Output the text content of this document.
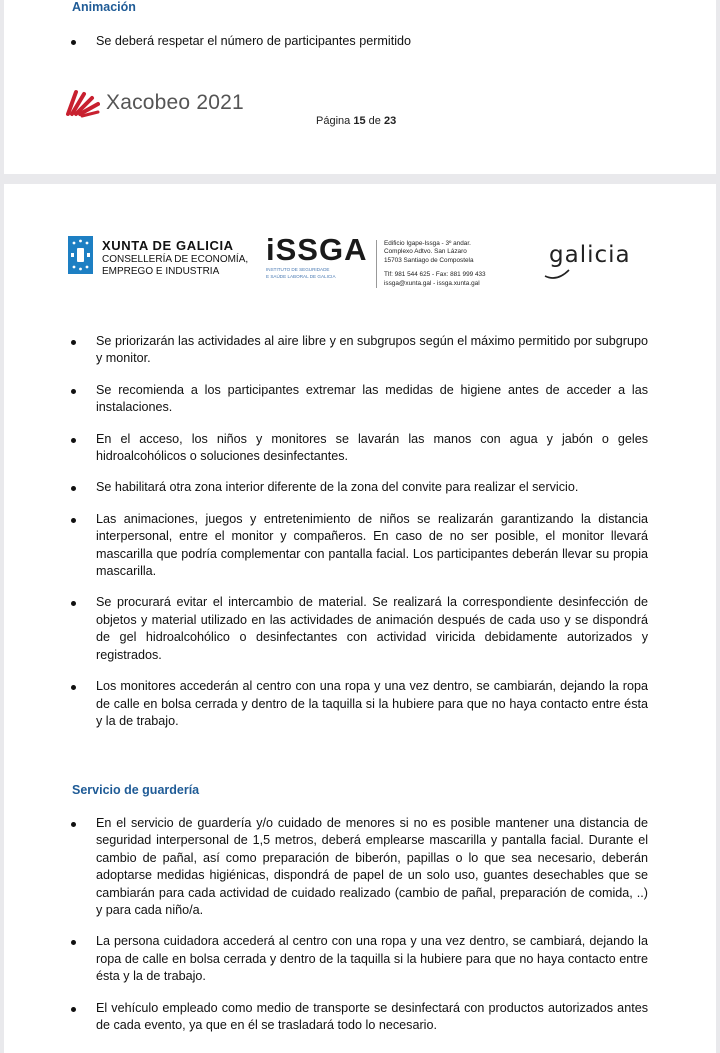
Animación
Se deberá respetar el número de participantes permitido
Xacobeo 2021
Página 15 de 23
XUNTA DE GALICIA
CONSELLERÍA DE ECONOMÍA,
EMPREGO E INDUSTRIA
iSSGA
INSTITUTO DE SEGURIDADE
E SAÚDE LABORAL DE GALICIA
Edificio Igape-Issga - 3º andar.
Complexo Adtvo. San Lázaro
15703 Santiago de Compostela
Tlf: 981 544 625 - Fax: 881 999 433
issga@xunta.gal - issga.xunta.gal
galicia
Se priorizarán las actividades al aire libre y en subgrupos según el máximo permitido por subgrupo y monitor.
Se recomienda a los participantes extremar las medidas de higiene antes de acceder a las instalaciones.
En el acceso, los niños y monitores se lavarán las manos con agua y jabón o geles hidroalcohólicos o soluciones desinfectantes.
Se habilitará otra zona interior diferente de la zona del convite para realizar el servicio.
Las animaciones, juegos y entretenimiento de niños se realizarán garantizando la distancia interpersonal, entre el monitor y compañeros. En caso de no ser posible, el monitor llevará mascarilla que podría complementar con pantalla facial. Los participantes deberán llevar su propia mascarilla.
Se procurará evitar el intercambio de material. Se realizará la correspondiente desinfección de objetos y material utilizado en las actividades de animación después de cada uso y se dispondrá de gel hidroalcohólico o desinfectantes con actividad viricida debidamente autorizados y registrados.
Los monitores accederán al centro con una ropa y una vez dentro, se cambiarán, dejando la ropa de calle en bolsa cerrada y dentro de la taquilla si la hubiere para que no haya contacto entre ésta y la de trabajo.
Servicio de guardería
En el servicio de guardería y/o cuidado de menores si no es posible mantener una distancia de seguridad interpersonal de 1,5 metros, deberá emplearse mascarilla y pantalla facial. Durante el cambio de pañal, así como preparación de biberón, papillas o lo que sea necesario, deberán adoptarse medidas higiénicas, dispondrá de papel de un solo uso, guantes desechables que se cambiarán para cada actividad de cuidado realizado (cambio de pañal, preparación de comida, ..) y para cada niño/a.
La persona cuidadora accederá al centro con una ropa y una vez dentro, se cambiará, dejando la ropa de calle en bolsa cerrada y dentro de la taquilla si la hubiere para que no haya contacto entre ésta y la de trabajo.
El vehículo empleado como medio de transporte se desinfectará con productos autorizados antes de cada evento, ya que en él se trasladará todo lo necesario.
